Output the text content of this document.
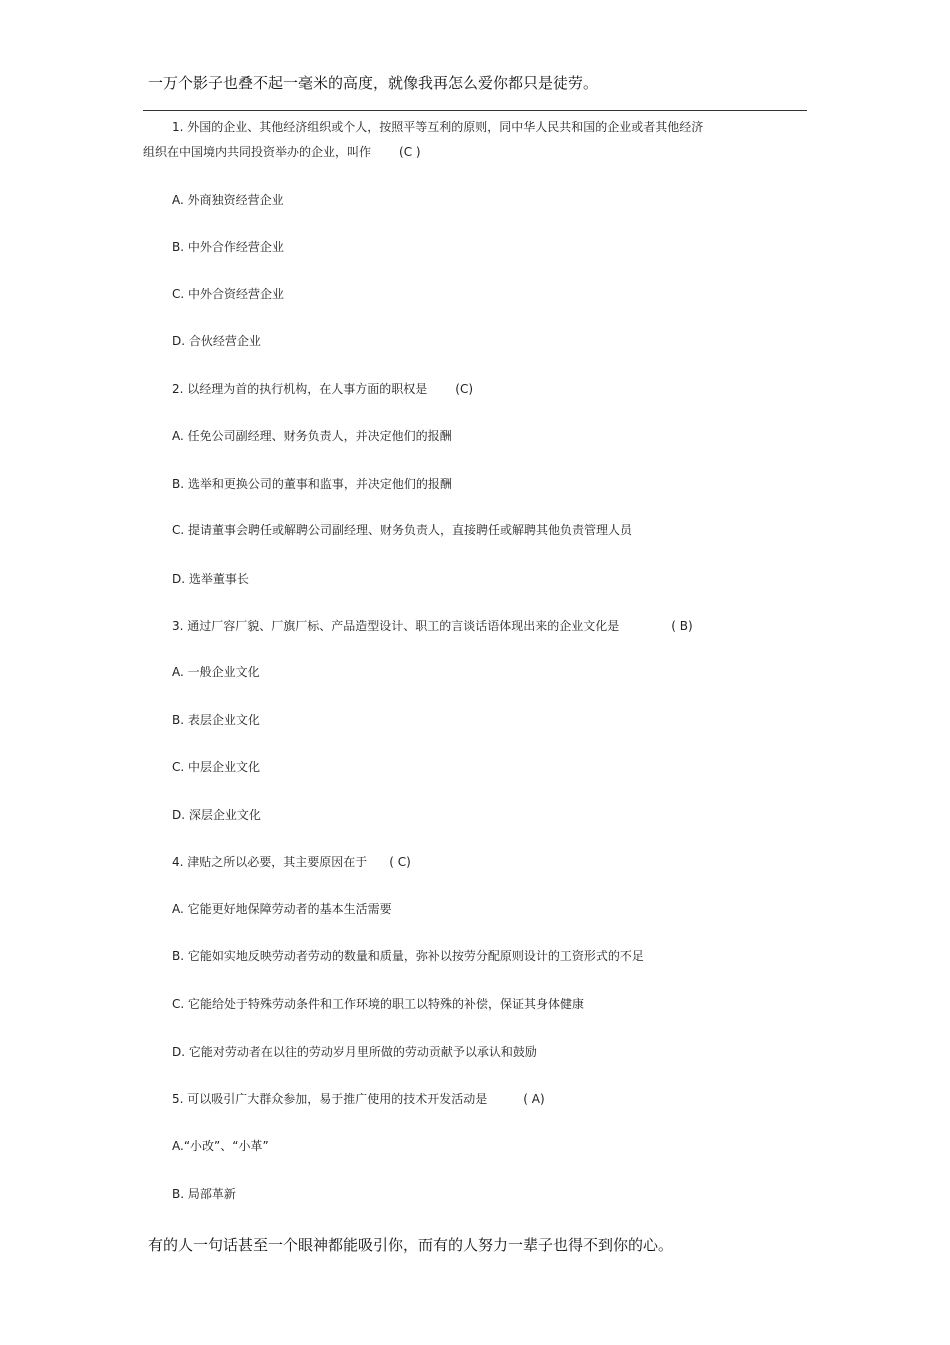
一万个影子也叠不起一毫米的高度，就像我再怎么爱你都只是徒劳。
1. 外国的企业、其他经济组织或个人，按照平等互利的原则，同中华人民共和国的企业或者其他经济
组织在中国境内共同投资举办的企业，叫作 (C )
A. 外商独资经营企业
B. 中外合作经营企业
C. 中外合资经营企业
D. 合伙经营企业
2. 以经理为首的执行机构，在人事方面的职权是 (C)
A. 任免公司副经理、财务负责人，并决定他们的报酬
B. 选举和更换公司的董事和监事，并决定他们的报酬
C. 提请董事会聘任或解聘公司副经理、财务负责人，直接聘任或解聘其他负责管理人员
D. 选举董事长
3. 通过厂容厂貌、厂旗厂标、产品造型设计、职工的言谈话语体现出来的企业文化是	( B)
A. 一般企业文化
B. 表层企业文化
C. 中层企业文化
D. 深层企业文化
4. 津贴之所以必要，其主要原因在于 ( C)
A. 它能更好地保障劳动者的基本生活需要
B. 它能如实地反映劳动者劳动的数量和质量，弥补以按劳分配原则设计的工资形式的不足
C. 它能给处于特殊劳动条件和工作环境的职工以特殊的补偿，保证其身体健康
D. 它能对劳动者在以往的劳动岁月里所做的劳动贡献予以承认和鼓励
5. 可以吸引广大群众参加，易于推广使用的技术开发活动是	( A)
A.“小改”、“小革”
B. 局部革新
有的人一句话甚至一个眼神都能吸引你，而有的人努力一辈子也得不到你的心。
